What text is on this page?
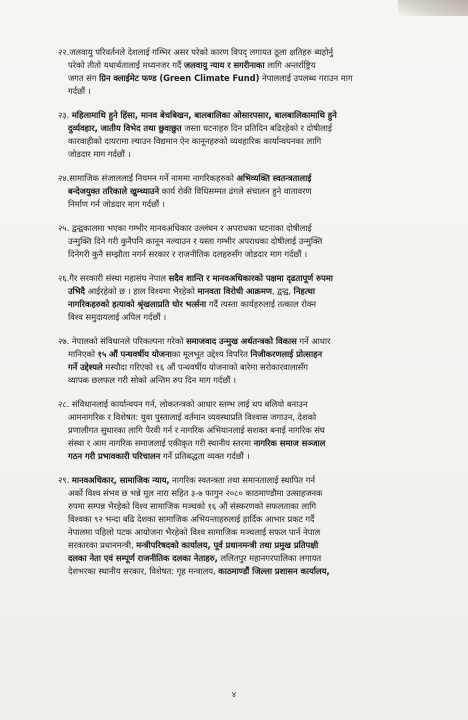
२२.जलवायु परिवर्तनले देशलाई गम्भिर असर परेको कारण विपद् लगायत ठूला क्षतिहरु ब्यहोर्नु
परेको तीतो यथार्थतालाई मध्यनजर गर्दै जलवायु न्याय र सगरीनाका लागि अन्तर्राष्ट्रिय
जगत संग ग्रिन क्लाईमेट फण्ड (Green Climate Fund) नेपाललाई उपलब्ध गराउन माग
गर्दछौं ।
२३. महिलामाथि हुने हिंसा, मानव बेचबिखन, बालबालिका ओसारपसार, बालबालिकामाथि हुने
दुर्व्यवहार, जातीय विभेद तथा छुवाछुत जस्ता घटनाहरु दिन प्रतिदिन बढिरहेको र दोषीलाई
कारवाहीको दायरामा ल्याउन विद्यमान ऐन कानूनहरुको व्यवहारिक कार्यान्वयनका लागि
जोडदार माग गर्दछौं ।
२४.सामाजिक संजाललाई नियमन गर्ने नाममा नागरिकहरुको अभिव्यक्ति स्वतन्त्रतालाई
बन्देजयुक्त तरिकाले खुम्च्याउने कार्य रोकी विधिसम्मत ढंगले संचालन हुने वातावरण
निर्माण गर्न जोडदार माग गर्दछौं ।
२५. द्वन्द्वकालमा भएका गम्भीर मानवअधिकार उल्लंघन र अपराधका घटनाका दोषीलाई
उन्मुक्ति दिने गरी कुनैपनि कानून नल्याउन र यस्ता गम्भीर अपराधका दोषीलाई उन्मुक्ति
दिनेगरी कुनै सम्झौता नगर्न सरकार र राजनीतिक दलहरुसँग जोडदार माग गर्दछौं ।
२६.गैर सरकारी संस्था महासंघ नेपाल सदैव शान्ति र मानवअधिकारको पक्षमा दृढतापूर्ण रुपमा
उभिदै आईरहेको छ । हाल विश्वमा भैरहेको मानवता विरोधी आक्रमण, द्वन्द्व, निहत्था
नागरिकहरुको हत्याको श्रृंखलाप्रति घोर भर्त्सना गर्दै त्यस्ता कार्यहरुलाई तत्काल रोक्न
विश्व समुदायलाई अपिल गर्दछौं ।
२७. नेपालको संविधानले परिकल्पना गरेको समाजवाद उन्मुख अर्थतन्त्रको विकास गर्ने आधार
मानिएको १५ औं पन्धवर्षीय योजनाका मूलभूत उद्देश्य विपरित निजीकरणलाई प्रोत्साहन
गर्ने उद्देश्यले मस्यौदा गरिएको १६ औं पन्धवर्षीय योजनाको बारेमा सरोकारवालासँग
व्यापक छलफल गरी सोको अन्तिम रुप दिन माग गर्दछौं ।
२८. संविधानलाई कार्यान्वयन गर्न, लोकतन्त्रको आधार स्तम्भ लाई थप बलियो बनाउन
आमनागरिक र विशेषत: युवा पुस्तालाई वर्तमान व्यवस्थाप्रति विश्वास जगाउन, देशको
प्रणालीगत सुधारका लागि पैरवी गर्न र नागरिक अभियानलाई सशक्त बनाई नागरिक संघ
संस्था र आम नागरिक समाजलाई एकीकृत गरी स्थानीय स्तरमा नागरिक समाज सञ्जाल
गठन गरी प्रभावकारी परिचालन गर्ने प्रतिबद्धता व्यक्त गर्दछौं ।
२९. मानवअधिकार, सामाजिक न्याय, नागरिक स्वतन्त्रता तथा समानतालाई स्थापित गर्न
अर्को विश्व संभव छ भन्ने मूल नारा सहित ३-७ फागुन २०८० काठमाण्डौमा उत्साहजनक
रुपमा सम्पन्न भैरहेको विश्व सामाजिक मञ्चको १६ औं संस्करणको सफलताका लागि
विश्वका ९२ भन्दा बढि देशका सामाजिक अभियन्ताहरुलाई हार्दिक आभार प्रकट गर्दै
नेपालमा पहिलो पटक आयोजना भैरहेको विश्व सामाजिक मञ्चलाई सफल पार्न नेपाल
सरकारका प्रधानमन्त्री, मन्त्रीपरिषदको कार्यालय, पूर्व प्रधानमन्त्री तथा प्रमुख प्रतिपक्षी
दलका नेता एवं सम्पूर्ण राजनीतिक दलका नेताहरु, ललितपुर महानगरपालिका लगायत
देशभरका स्थानीय सरकार, विशेषत: गृह मन्त्रालय, काठमाण्डौं जिल्ला प्रशासन कार्यालय,
४
